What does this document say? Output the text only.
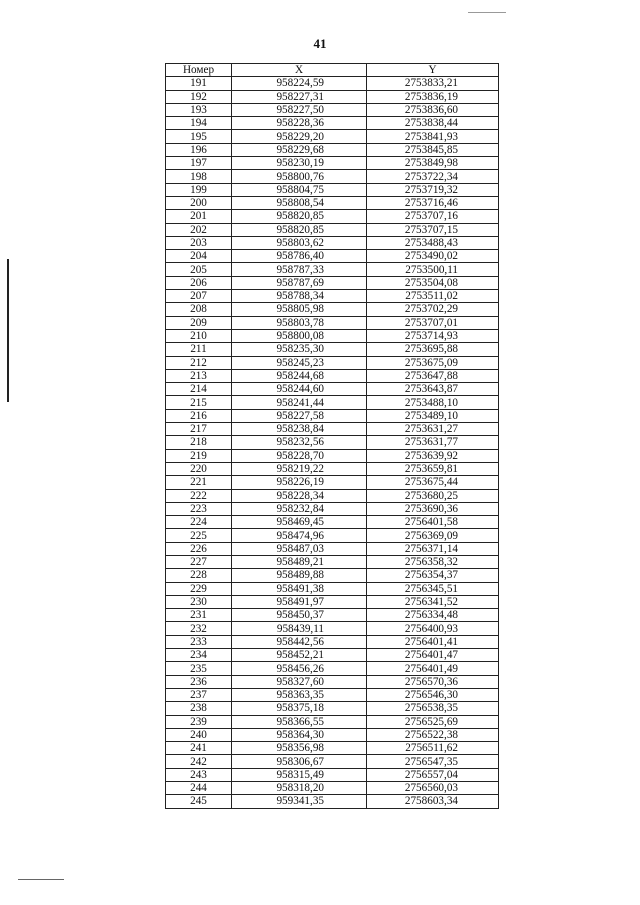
41
Номер	X	Y
191	958224,59	2753833,21
192	958227,31	2753836,19
193	958227,50	2753836,60
194	958228,36	2753838,44
195	958229,20	2753841,93
196	958229,68	2753845,85
197	958230,19	2753849,98
198	958800,76	2753722,34
199	958804,75	2753719,32
200	958808,54	2753716,46
201	958820,85	2753707,16
202	958820,85	2753707,15
203	958803,62	2753488,43
204	958786,40	2753490,02
205	958787,33	2753500,11
206	958787,69	2753504,08
207	958788,34	2753511,02
208	958805,98	2753702,29
209	958803,78	2753707,01
210	958800,08	2753714,93
211	958235,30	2753695,88
212	958245,23	2753675,09
213	958244,68	2753647,88
214	958244,60	2753643,87
215	958241,44	2753488,10
216	958227,58	2753489,10
217	958238,84	2753631,27
218	958232,56	2753631,77
219	958228,70	2753639,92
220	958219,22	2753659,81
221	958226,19	2753675,44
222	958228,34	2753680,25
223	958232,84	2753690,36
224	958469,45	2756401,58
225	958474,96	2756369,09
226	958487,03	2756371,14
227	958489,21	2756358,32
228	958489,88	2756354,37
229	958491,38	2756345,51
230	958491,97	2756341,52
231	958450,37	2756334,48
232	958439,11	2756400,93
233	958442,56	2756401,41
234	958452,21	2756401,47
235	958456,26	2756401,49
236	958327,60	2756570,36
237	958363,35	2756546,30
238	958375,18	2756538,35
239	958366,55	2756525,69
240	958364,30	2756522,38
241	958356,98	2756511,62
242	958306,67	2756547,35
243	958315,49	2756557,04
244	958318,20	2756560,03
245	959341,35	2758603,34
